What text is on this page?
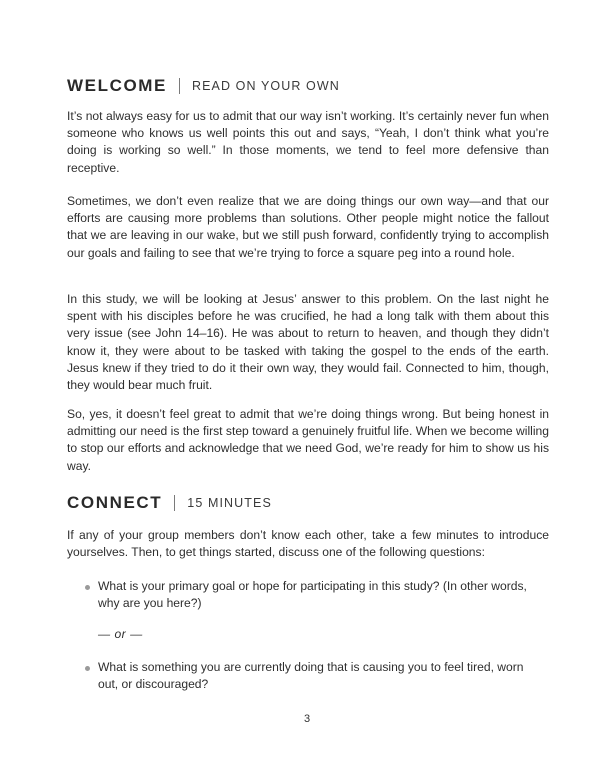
WELCOME READ ON YOUR OWN

It’s not always easy for us to admit that our way isn’t working. It’s certainly never fun when someone who knows us well points this out and says, “Yeah, I don’t think what you’re doing is working so well.” In those moments, we tend to feel more defensive than receptive.

Sometimes, we don’t even realize that we are doing things our own way—and that our efforts are causing more problems than solutions. Other people might notice the fallout that we are leaving in our wake, but we still push forward, confidently trying to accomplish our goals and failing to see that we’re trying to force a square peg into a round hole.

In this study, we will be looking at Jesus’ answer to this problem. On the last night he spent with his disciples before he was crucified, he had a long talk with them about this very issue (see John 14–16). He was about to return to heaven, and though they didn’t know it, they were about to be tasked with taking the gospel to the ends of the earth. Jesus knew if they tried to do it their own way, they would fail. Connected to him, though, they would bear much fruit.

So, yes, it doesn’t feel great to admit that we’re doing things wrong. But being honest in admitting our need is the first step toward a genuinely fruitful life. When we become willing to stop our efforts and acknowledge that we need God, we’re ready for him to show us his way.

CONNECT 15 MINUTES

If any of your group members don’t know each other, take a few minutes to introduce yourselves. Then, to get things started, discuss one of the following questions:

What is your primary goal or hope for participating in this study? (In other words, why are you here?)
— or —
What is something you are currently doing that is causing you to feel tired, worn out, or discouraged?
3
